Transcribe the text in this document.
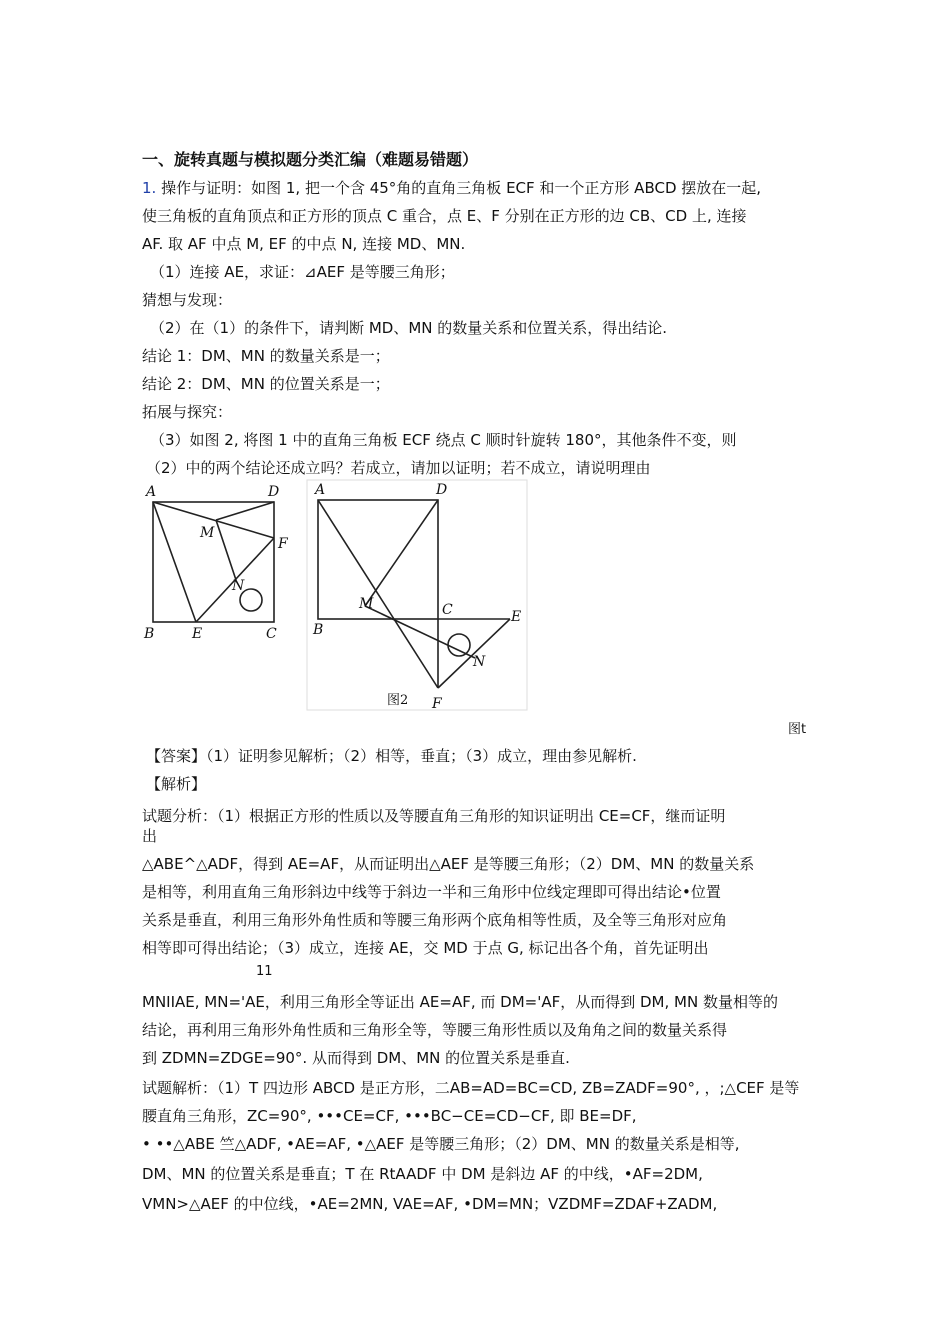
一、旋转真题与模拟题分类汇编（难题易错题）
1. 操作与证明：如图 1, 把一个含 45°角的直角三角板 ECF 和一个正方形 ABCD 摆放在一起,
使三角板的直角顶点和正方形的顶点 C 重合，点 E、F 分别在正方形的边 CB、CD 上, 连接
AF. 取 AF 中点 M, EF 的中点 N, 连接 MD、MN.
（1）连接 AE，求证：⊿AEF 是等腰三角形；
猜想与发现：
（2）在（1）的条件下，请判断 MD、MN 的数量关系和位置关系，得出结论.
结论 1：DM、MN 的数量关系是一；
结论 2：DM、MN 的位置关系是一；
拓展与探究：
（3）如图 2, 将图 1 中的直角三角板 ECF 绕点 C 顺时针旋转 180°，其他条件不变，则
（2）中的两个结论还成立吗？若成立，请加以证明；若不成立，请说明理由
A	D
M
F
N
B	E	C
A	D
M	C	E
B
N
F
图2
图t
【答案】（1）证明参见解析；（2）相等，垂直；（3）成立，理由参见解析.
【解析】
试题分析：（1）根据正方形的性质以及等腰直角三角形的知识证明出 CE=CF，继而证明
出
△ABE^△ADF，得到 AE=AF，从而证明出△AEF 是等腰三角形；（2）DM、MN 的数量关系
是相等，利用直角三角形斜边中线等于斜边一半和三角形中位线定理即可得出结论•位置
关系是垂直，利用三角形外角性质和等腰三角形两个底角相等性质，及全等三角形对应角
相等即可得出结论；（3）成立，连接 AE，交 MD 于点 G, 标记出各个角，首先证明出
11
MNIIAE, MN='AE，利用三角形全等证出 AE=AF, 而 DM='AF，从而得到 DM, MN 数量相等的
结论，再利用三角形外角性质和三角形全等，等腰三角形性质以及角角之间的数量关系得
到 ZDMN=ZDGE=90°. 从而得到 DM、MN 的位置关系是垂直.
试题解析：（1）T 四边形 ABCD 是正方形，二AB=AD=BC=CD, ZB=ZADF=90°, ，;△CEF 是等
腰直角三角形，ZC=90°, •••CE=CF, •••BC−CE=CD−CF, 即 BE=DF,
• ••△ABE 竺△ADF, •AE=AF, •△AEF 是等腰三角形；（2）DM、MN 的数量关系是相等,
DM、MN 的位置关系是垂直；T 在 RtAADF 中 DM 是斜边 AF 的中线，•AF=2DM,
VMN>△AEF 的中位线，•AE=2MN, VAE=AF, •DM=MN；VZDMF=ZDAF+ZADM,
